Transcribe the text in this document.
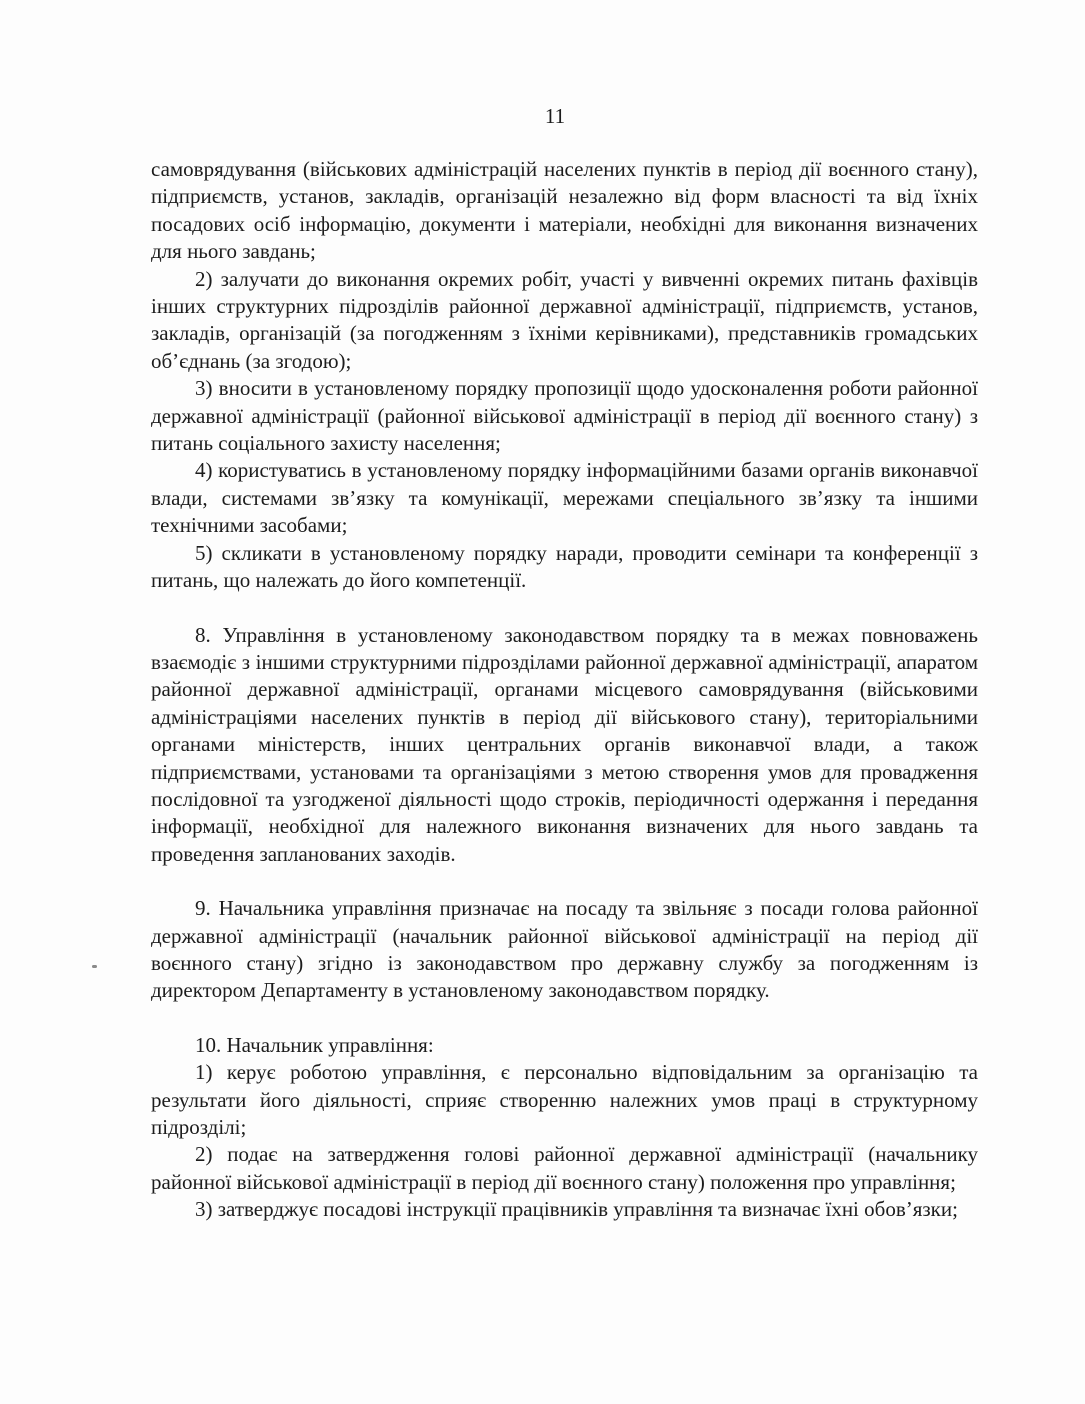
11

самоврядування (військових адміністрацій населених пунктів в період дії воєнного стану), підприємств, установ, закладів, організацій незалежно від форм власності та від їхніх посадових осіб інформацію, документи і матеріали, необхідні для виконання визначених для нього завдань;

2) залучати до виконання окремих робіт, участі у вивченні окремих питань фахівців інших структурних підрозділів районної державної адміністрації, підприємств, установ, закладів, організацій (за погодженням з їхніми керівниками), представників громадських об’єднань (за згодою);

3) вносити в установленому порядку пропозиції щодо удосконалення роботи районної державної адміністрації (районної військової адміністрації в період дії воєнного стану) з питань соціального захисту населення;

4) користуватись в установленому порядку інформаційними базами органів виконавчої влади, системами зв’язку та комунікації, мережами спеціального зв’язку та іншими технічними засобами;

5) скликати в установленому порядку наради, проводити семінари та конференції з питань, що належать до його компетенції.

8. Управління в установленому законодавством порядку та в межах повноважень взаємодіє з іншими структурними підрозділами районної державної адміністрації, апаратом районної державної адміністрації, органами місцевого самоврядування (військовими адміністраціями населених пунктів в період дії військового стану), територіальними органами міністерств, інших центральних органів виконавчої влади, а також підприємствами, установами та організаціями з метою створення умов для провадження послідовної та узгодженої діяльності щодо строків, періодичності одержання і передання інформації, необхідної для належного виконання визначених для нього завдань та проведення запланованих заходів.

9. Начальника управління призначає на посаду та звільняє з посади голова районної державної адміністрації (начальник районної військової адміністрації на період дії воєнного стану) згідно із законодавством про державну службу за погодженням із директором Департаменту в установленому законодавством порядку.

10. Начальник управління:

1) керує роботою управління, є персонально відповідальним за організацію та результати його діяльності, сприяє створенню належних умов праці в структурному підрозділі;

2) подає на затвердження голові районної державної адміністрації (начальнику районної військової адміністрації в період дії воєнного стану) положення про управління;

3) затверджує посадові інструкції працівників управління та визначає їхні обов’язки;
